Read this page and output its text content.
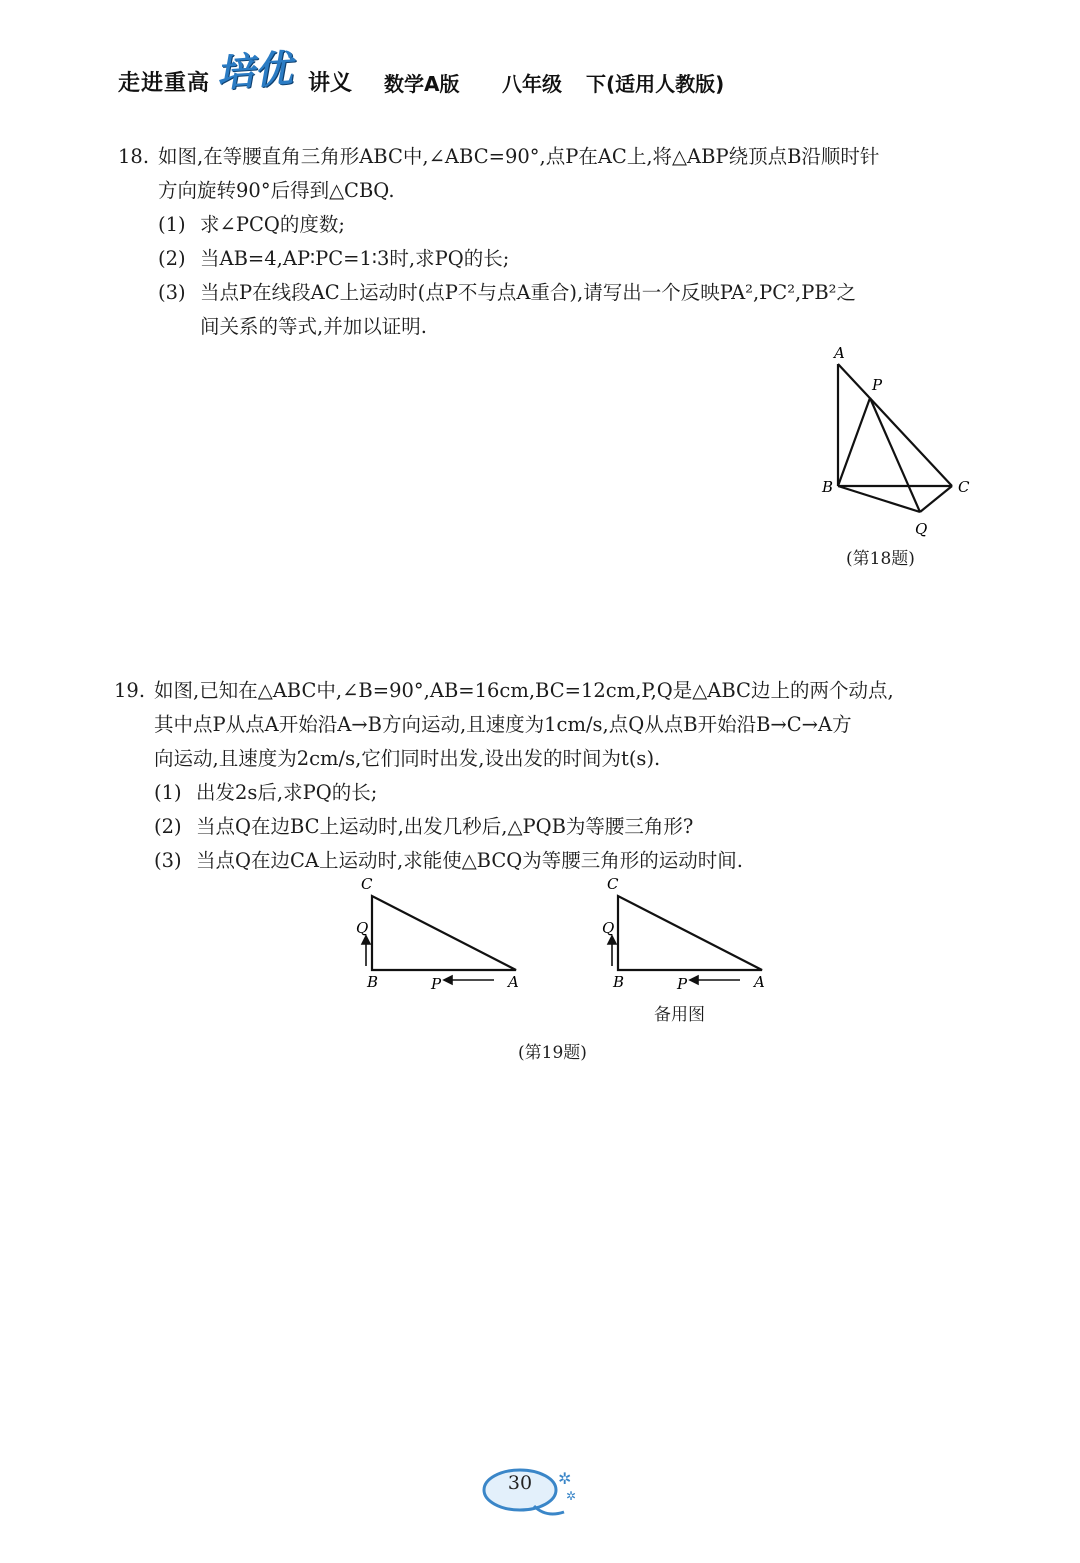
走进重高 培优 讲义 数学A版 八年级 下(适用人教版)
18. 如图,在等腰直角三角形ABC中,∠ABC=90°,点P在AC上,将△ABP绕顶点B沿顺时针
方向旋转90°后得到△CBQ.
(1) 求∠PCQ的度数;
(2) 当AB=4,AP∶PC=1∶3时,求PQ的长;
(3) 当点P在线段AC上运动时(点P不与点A重合),请写出一个反映PA²,PC²,PB²之
间关系的等式,并加以证明.
A
P
B	C
Q
(第18题)
19. 如图,已知在△ABC中,∠B=90°,AB=16cm,BC=12cm,P,Q是△ABC边上的两个动点,
其中点P从点A开始沿A→B方向运动,且速度为1cm/s,点Q从点B开始沿B→C→A方
向运动,且速度为2cm/s,它们同时出发,设出发的时间为t(s).
(1) 出发2s后,求PQ的长;
(2) 当点Q在边BC上运动时,出发几秒后,△PQB为等腰三角形?
(3) 当点Q在边CA上运动时,求能使△BCQ为等腰三角形的运动时间.
C
Q
B	P	A
C
Q
B	P	A
备用图
(第19题)
✲
✲
30
